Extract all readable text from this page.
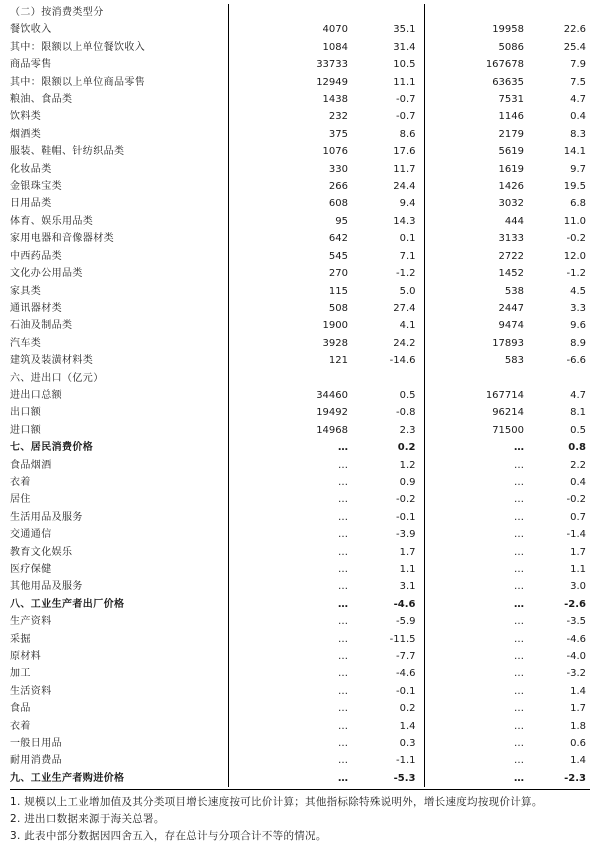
（二）按消费类型分						
餐饮收入		4070	35.1		19958	22.6
其中：限额以上单位餐饮收入		1084	31.4		5086	25.4
商品零售		33733	10.5		167678	7.9
其中：限额以上单位商品零售		12949	11.1		63635	7.5
粮油、食品类		1438	-0.7		7531	4.7
饮料类		232	-0.7		1146	0.4
烟酒类		375	8.6		2179	8.3
服装、鞋帽、针纺织品类		1076	17.6		5619	14.1
化妆品类		330	11.7		1619	9.7
金银珠宝类		266	24.4		1426	19.5
日用品类		608	9.4		3032	6.8
体育、娱乐用品类		95	14.3		444	11.0
家用电器和音像器材类		642	0.1		3133	-0.2
中西药品类		545	7.1		2722	12.0
文化办公用品类		270	-1.2		1452	-1.2
家具类		115	5.0		538	4.5
通讯器材类		508	27.4		2447	3.3
石油及制品类		1900	4.1		9474	9.6
汽车类		3928	24.2		17893	8.9
建筑及装潢材料类		121	-14.6		583	-6.6
六、进出口（亿元）						
进出口总额		34460	0.5		167714	4.7
出口额		19492	-0.8		96214	8.1
进口额		14968	2.3		71500	0.5
七、居民消费价格		…	0.2		…	0.8
食品烟酒		…	1.2		…	2.2
衣着		…	0.9		…	0.4
居住		…	-0.2		…	-0.2
生活用品及服务		…	-0.1		…	0.7
交通通信		…	-3.9		…	-1.4
教育文化娱乐		…	1.7		…	1.7
医疗保健		…	1.1		…	1.1
其他用品及服务		…	3.1		…	3.0
八、工业生产者出厂价格		…	-4.6		…	-2.6
生产资料		…	-5.9		…	-3.5
采掘		…	-11.5		…	-4.6
原材料		…	-7.7		…	-4.0
加工		…	-4.6		…	-3.2
生活资料		…	-0.1		…	1.4
食品		…	0.2		…	1.7
衣着		…	1.4		…	1.8
一般日用品		…	0.3		…	0.6
耐用消费品		…	-1.1		…	1.4
九、工业生产者购进价格		…	-5.3		…	-2.3
1. 规模以上工业增加值及其分类项目增长速度按可比价计算；其他指标除特殊说明外，增长速度均按现价计算。
2. 进出口数据来源于海关总署。
3. 此表中部分数据因四舍五入，存在总计与分项合计不等的情况。
